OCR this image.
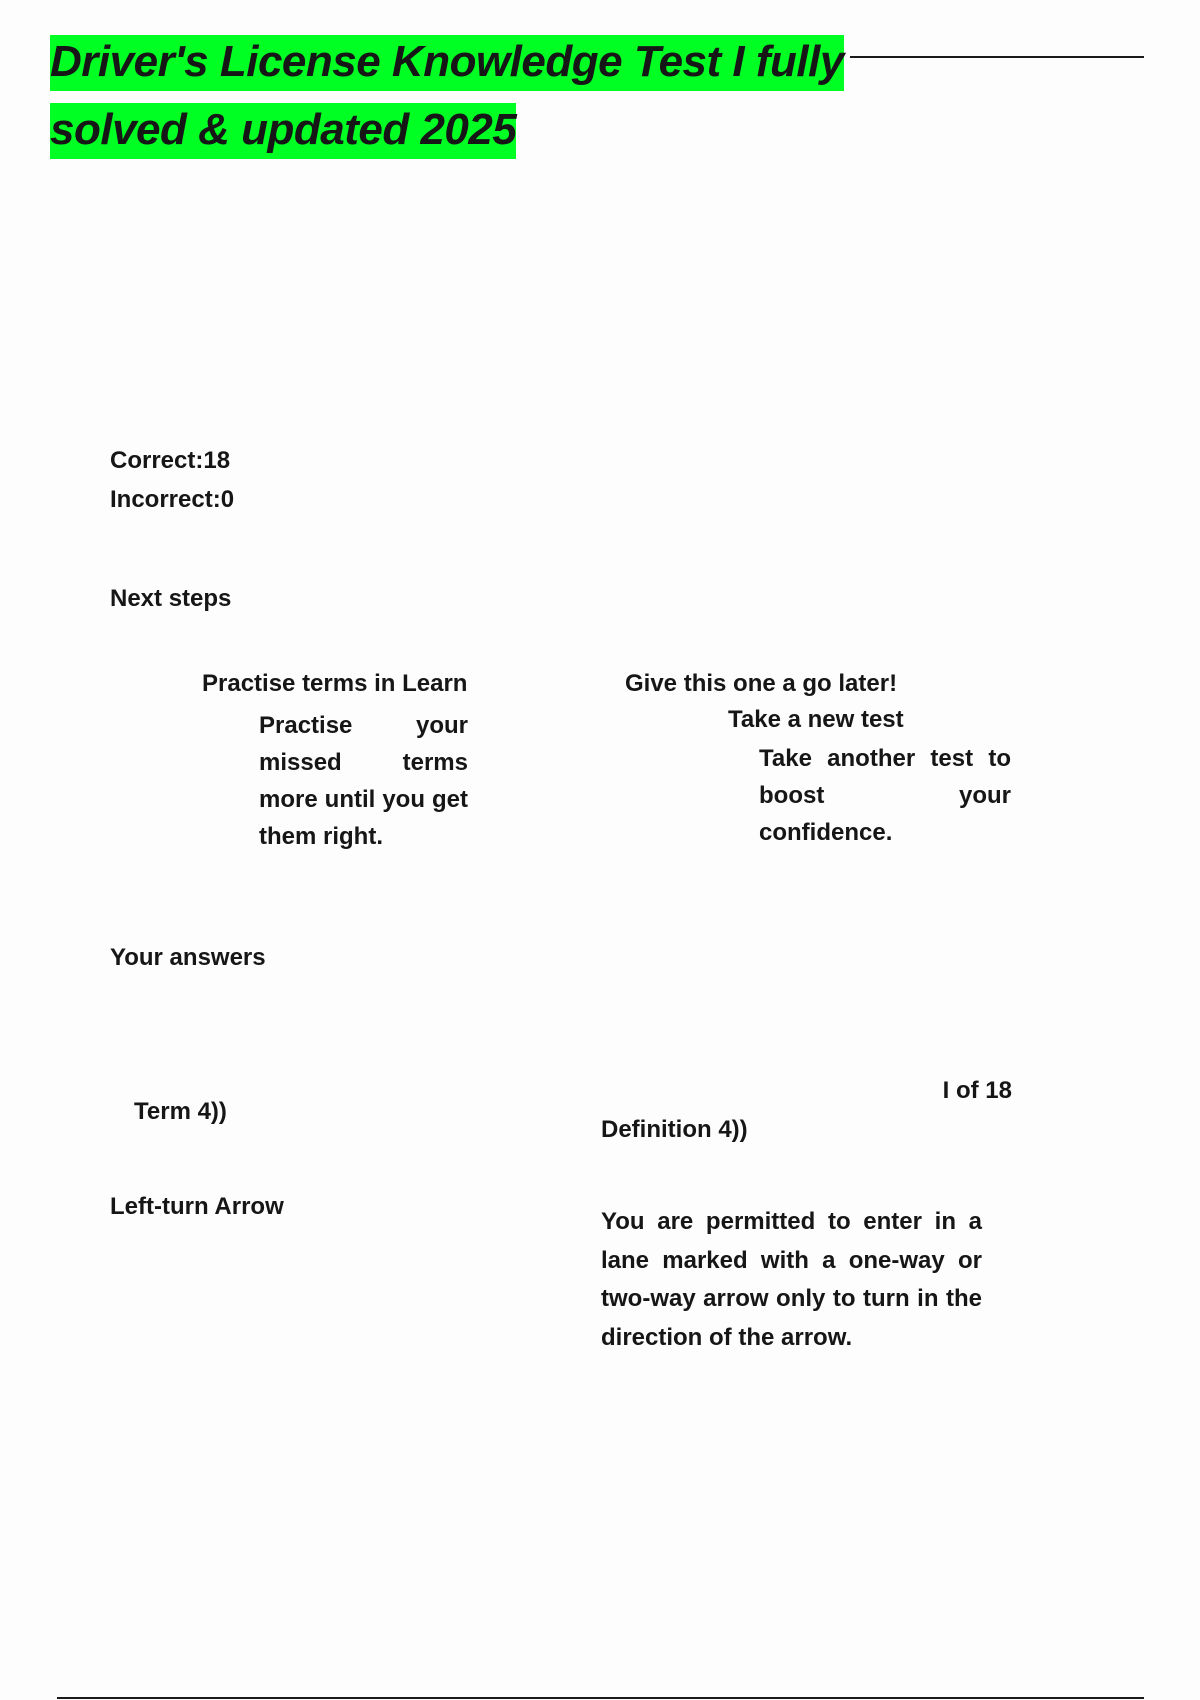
Driver's License Knowledge Test I fully solved & updated 2025

Correct:18

Incorrect:0

Next steps

Practise terms in Learn

Practise your missed terms more until you get them right.

Give this one a go later!

Take a new test

Take another test to boost your confidence.

Your answers

I of 18

Term 4))

Definition 4))

Left-turn Arrow

You are permitted to enter in a lane marked with a one-way or two-way arrow only to turn in the direction of the arrow.
